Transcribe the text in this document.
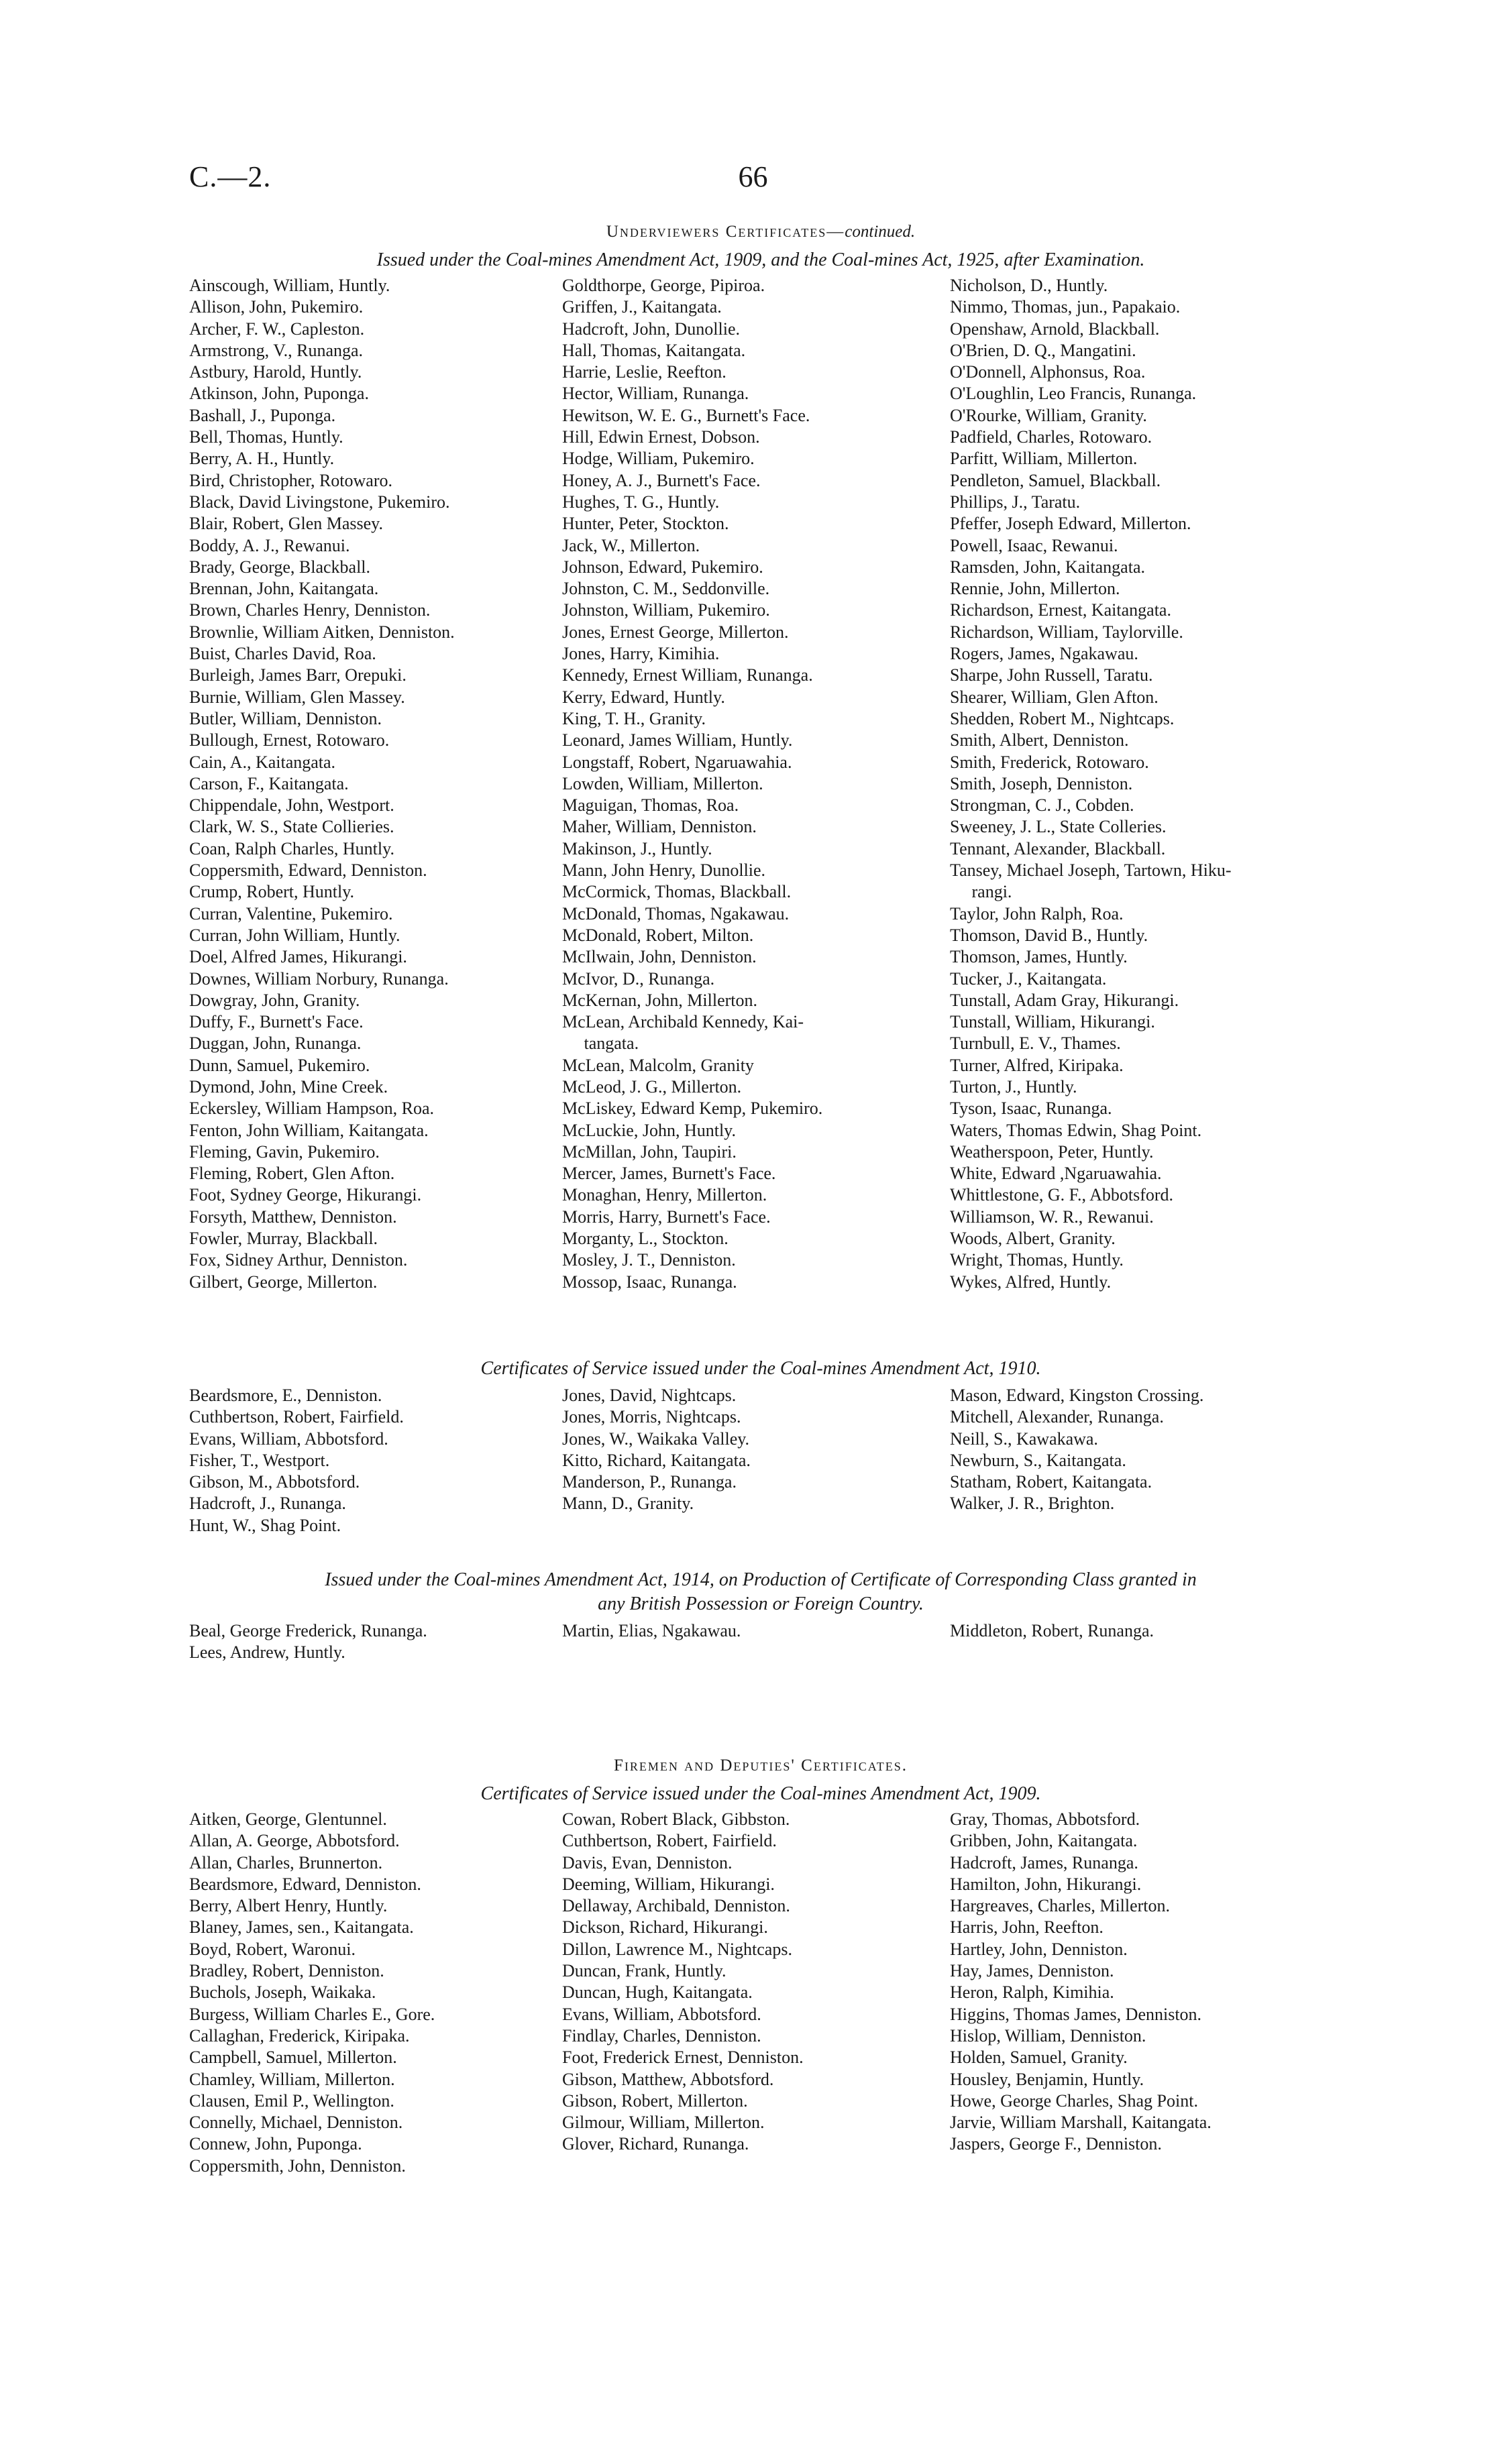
C.—2.	66
Underviewers Certificates—continued.
Issued under the Coal-mines Amendment Act, 1909, and the Coal-mines Act, 1925, after Examination.
Ainscough, William, Huntly.
Allison, John, Pukemiro.
Archer, F. W., Capleston.
Armstrong, V., Runanga.
Astbury, Harold, Huntly.
Atkinson, John, Puponga.
Bashall, J., Puponga.
Bell, Thomas, Huntly.
Berry, A. H., Huntly.
Bird, Christopher, Rotowaro.
Black, David Livingstone, Pukemiro.
Blair, Robert, Glen Massey.
Boddy, A. J., Rewanui.
Brady, George, Blackball.
Brennan, John, Kaitangata.
Brown, Charles Henry, Denniston.
Brownlie, William Aitken, Denniston.
Buist, Charles David, Roa.
Burleigh, James Barr, Orepuki.
Burnie, William, Glen Massey.
Butler, William, Denniston.
Bullough, Ernest, Rotowaro.
Cain, A., Kaitangata.
Carson, F., Kaitangata.
Chippendale, John, Westport.
Clark, W. S., State Collieries.
Coan, Ralph Charles, Huntly.
Coppersmith, Edward, Denniston.
Crump, Robert, Huntly.
Curran, Valentine, Pukemiro.
Curran, John William, Huntly.
Doel, Alfred James, Hikurangi.
Downes, William Norbury, Runanga.
Dowgray, John, Granity.
Duffy, F., Burnett's Face.
Duggan, John, Runanga.
Dunn, Samuel, Pukemiro.
Dymond, John, Mine Creek.
Eckersley, William Hampson, Roa.
Fenton, John William, Kaitangata.
Fleming, Gavin, Pukemiro.
Fleming, Robert, Glen Afton.
Foot, Sydney George, Hikurangi.
Forsyth, Matthew, Denniston.
Fowler, Murray, Blackball.
Fox, Sidney Arthur, Denniston.
Gilbert, George, Millerton.
Goldthorpe, George, Pipiroa.
Griffen, J., Kaitangata.
Hadcroft, John, Dunollie.
Hall, Thomas, Kaitangata.
Harrie, Leslie, Reefton.
Hector, William, Runanga.
Hewitson, W. E. G., Burnett's Face.
Hill, Edwin Ernest, Dobson.
Hodge, William, Pukemiro.
Honey, A. J., Burnett's Face.
Hughes, T. G., Huntly.
Hunter, Peter, Stockton.
Jack, W., Millerton.
Johnson, Edward, Pukemiro.
Johnston, C. M., Seddonville.
Johnston, William, Pukemiro.
Jones, Ernest George, Millerton.
Jones, Harry, Kimihia.
Kennedy, Ernest William, Runanga.
Kerry, Edward, Huntly.
King, T. H., Granity.
Leonard, James William, Huntly.
Longstaff, Robert, Ngaruawahia.
Lowden, William, Millerton.
Maguigan, Thomas, Roa.
Maher, William, Denniston.
Makinson, J., Huntly.
Mann, John Henry, Dunollie.
McCormick, Thomas, Blackball.
McDonald, Thomas, Ngakawau.
McDonald, Robert, Milton.
McIlwain, John, Denniston.
McIvor, D., Runanga.
McKernan, John, Millerton.
McLean, Archibald Kennedy, Kai-
tangata.
McLean, Malcolm, Granity
McLeod, J. G., Millerton.
McLiskey, Edward Kemp, Pukemiro.
McLuckie, John, Huntly.
McMillan, John, Taupiri.
Mercer, James, Burnett's Face.
Monaghan, Henry, Millerton.
Morris, Harry, Burnett's Face.
Morganty, L., Stockton.
Mosley, J. T., Denniston.
Mossop, Isaac, Runanga.
Nicholson, D., Huntly.
Nimmo, Thomas, jun., Papakaio.
Openshaw, Arnold, Blackball.
O'Brien, D. Q., Mangatini.
O'Donnell, Alphonsus, Roa.
O'Loughlin, Leo Francis, Runanga.
O'Rourke, William, Granity.
Padfield, Charles, Rotowaro.
Parfitt, William, Millerton.
Pendleton, Samuel, Blackball.
Phillips, J., Taratu.
Pfeffer, Joseph Edward, Millerton.
Powell, Isaac, Rewanui.
Ramsden, John, Kaitangata.
Rennie, John, Millerton.
Richardson, Ernest, Kaitangata.
Richardson, William, Taylorville.
Rogers, James, Ngakawau.
Sharpe, John Russell, Taratu.
Shearer, William, Glen Afton.
Shedden, Robert M., Nightcaps.
Smith, Albert, Denniston.
Smith, Frederick, Rotowaro.
Smith, Joseph, Denniston.
Strongman, C. J., Cobden.
Sweeney, J. L., State Colleries.
Tennant, Alexander, Blackball.
Tansey, Michael Joseph, Tartown, Hiku-
rangi.
Taylor, John Ralph, Roa.
Thomson, David B., Huntly.
Thomson, James, Huntly.
Tucker, J., Kaitangata.
Tunstall, Adam Gray, Hikurangi.
Tunstall, William, Hikurangi.
Turnbull, E. V., Thames.
Turner, Alfred, Kiripaka.
Turton, J., Huntly.
Tyson, Isaac, Runanga.
Waters, Thomas Edwin, Shag Point.
Weatherspoon, Peter, Huntly.
White, Edward ,Ngaruawahia.
Whittlestone, G. F., Abbotsford.
Williamson, W. R., Rewanui.
Woods, Albert, Granity.
Wright, Thomas, Huntly.
Wykes, Alfred, Huntly.
Certificates of Service issued under the Coal-mines Amendment Act, 1910.
Beardsmore, E., Denniston.
Cuthbertson, Robert, Fairfield.
Evans, William, Abbotsford.
Fisher, T., Westport.
Gibson, M., Abbotsford.
Hadcroft, J., Runanga.
Hunt, W., Shag Point.
Jones, David, Nightcaps.
Jones, Morris, Nightcaps.
Jones, W., Waikaka Valley.
Kitto, Richard, Kaitangata.
Manderson, P., Runanga.
Mann, D., Granity.
Mason, Edward, Kingston Crossing.
Mitchell, Alexander, Runanga.
Neill, S., Kawakawa.
Newburn, S., Kaitangata.
Statham, Robert, Kaitangata.
Walker, J. R., Brighton.
Issued under the Coal-mines Amendment Act, 1914, on Production of Certificate of Corresponding Class granted in
any British Possession or Foreign Country.
Beal, George Frederick, Runanga.
Lees, Andrew, Huntly.
Martin, Elias, Ngakawau.	Middleton, Robert, Runanga.
Firemen and Deputies' Certificates.
Certificates of Service issued under the Coal-mines Amendment Act, 1909.
Aitken, George, Glentunnel.
Allan, A. George, Abbotsford.
Allan, Charles, Brunnerton.
Beardsmore, Edward, Denniston.
Berry, Albert Henry, Huntly.
Blaney, James, sen., Kaitangata.
Boyd, Robert, Waronui.
Bradley, Robert, Denniston.
Buchols, Joseph, Waikaka.
Burgess, William Charles E., Gore.
Callaghan, Frederick, Kiripaka.
Campbell, Samuel, Millerton.
Chamley, William, Millerton.
Clausen, Emil P., Wellington.
Connelly, Michael, Denniston.
Connew, John, Puponga.
Coppersmith, John, Denniston.
Cowan, Robert Black, Gibbston.
Cuthbertson, Robert, Fairfield.
Davis, Evan, Denniston.
Deeming, William, Hikurangi.
Dellaway, Archibald, Denniston.
Dickson, Richard, Hikurangi.
Dillon, Lawrence M., Nightcaps.
Duncan, Frank, Huntly.
Duncan, Hugh, Kaitangata.
Evans, William, Abbotsford.
Findlay, Charles, Denniston.
Foot, Frederick Ernest, Denniston.
Gibson, Matthew, Abbotsford.
Gibson, Robert, Millerton.
Gilmour, William, Millerton.
Glover, Richard, Runanga.
Gray, Thomas, Abbotsford.
Gribben, John, Kaitangata.
Hadcroft, James, Runanga.
Hamilton, John, Hikurangi.
Hargreaves, Charles, Millerton.
Harris, John, Reefton.
Hartley, John, Denniston.
Hay, James, Denniston.
Heron, Ralph, Kimihia.
Higgins, Thomas James, Denniston.
Hislop, William, Denniston.
Holden, Samuel, Granity.
Housley, Benjamin, Huntly.
Howe, George Charles, Shag Point.
Jarvie, William Marshall, Kaitangata.
Jaspers, George F., Denniston.
